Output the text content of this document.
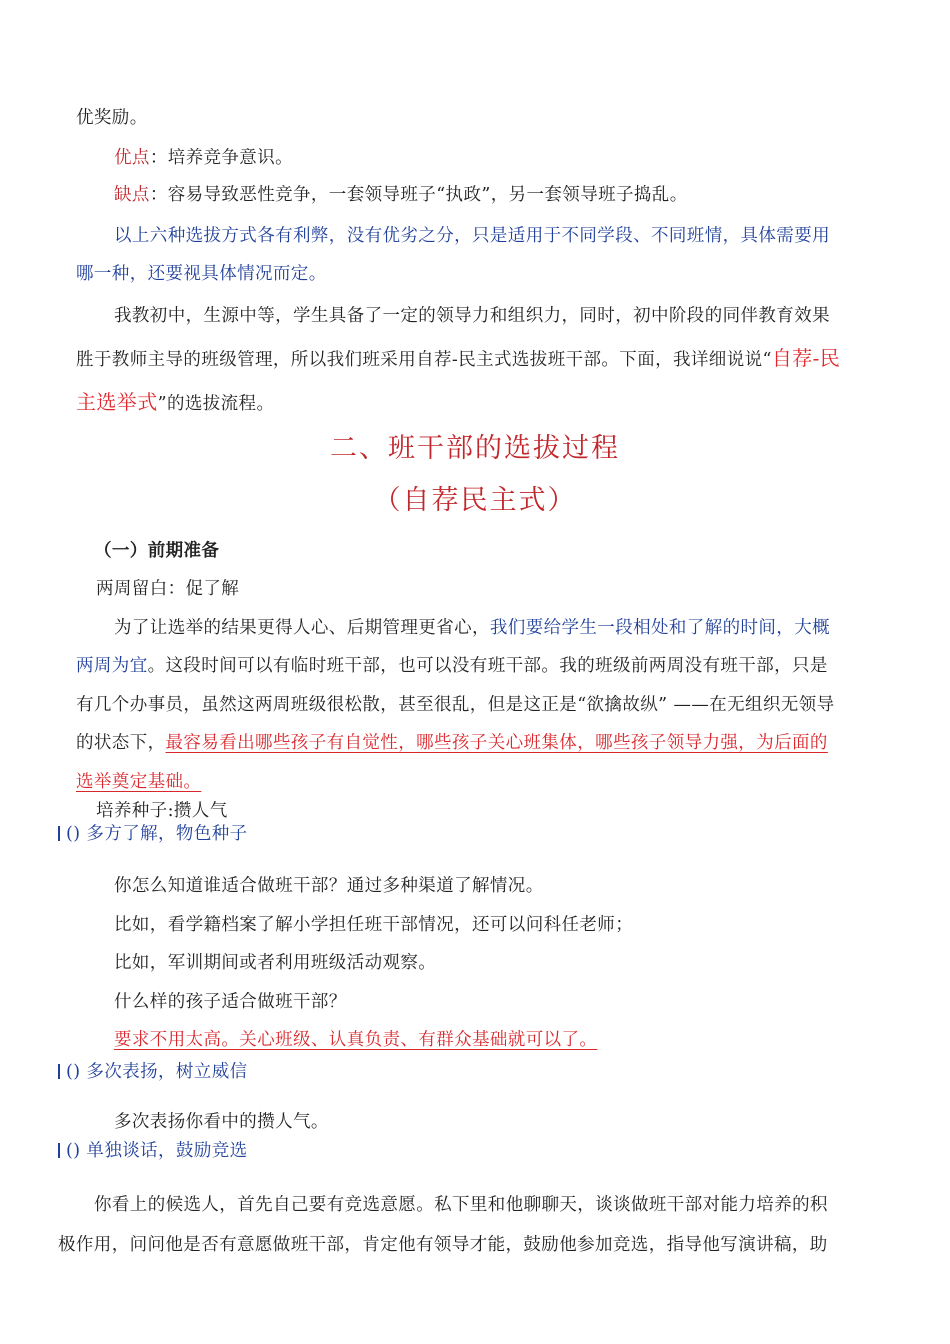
优奖励。
优点：培养竞争意识。
缺点：容易导致恶性竞争，一套领导班子“执政”，另一套领导班子捣乱。
以上六种选拔方式各有利弊，没有优劣之分，只是适用于不同学段、不同班情，具体需要用
哪一种，还要视具体情况而定。
我教初中，生源中等，学生具备了一定的领导力和组织力，同时，初中阶段的同伴教育效果
胜于教师主导的班级管理，所以我们班采用自荐-民主式选拔班干部。下面，我详细说说“自荐-民
主选举式”的选拔流程。
二、班干部的选拔过程
（自荐民主式）
（一）前期准备
两周留白：促了解
为了让选举的结果更得人心、后期管理更省心，我们要给学生一段相处和了解的时间，大概
两周为宜。这段时间可以有临时班干部，也可以没有班干部。我的班级前两周没有班干部，只是
有几个办事员，虽然这两周班级很松散，甚至很乱，但是这正是“欲擒故纵” ——在无组织无领导
的状态下，最容易看出哪些孩子有自觉性，哪些孩子关心班集体，哪些孩子领导力强，为后面的
选举奠定基础。
培养种子:攒人气
() 多方了解，物色种子
你怎么知道谁适合做班干部？通过多种渠道了解情况。
比如，看学籍档案了解小学担任班干部情况，还可以问科任老师；
比如，军训期间或者利用班级活动观察。
什么样的孩子适合做班干部？
要求不用太高。关心班级、认真负责、有群众基础就可以了。
() 多次表扬，树立威信
多次表扬你看中的攒人气。
() 单独谈话，鼓励竞选
你看上的候选人，首先自己要有竞选意愿。私下里和他聊聊天，谈谈做班干部对能力培养的积
极作用，问问他是否有意愿做班干部，肯定他有领导才能，鼓励他参加竞选，指导他写演讲稿，助
